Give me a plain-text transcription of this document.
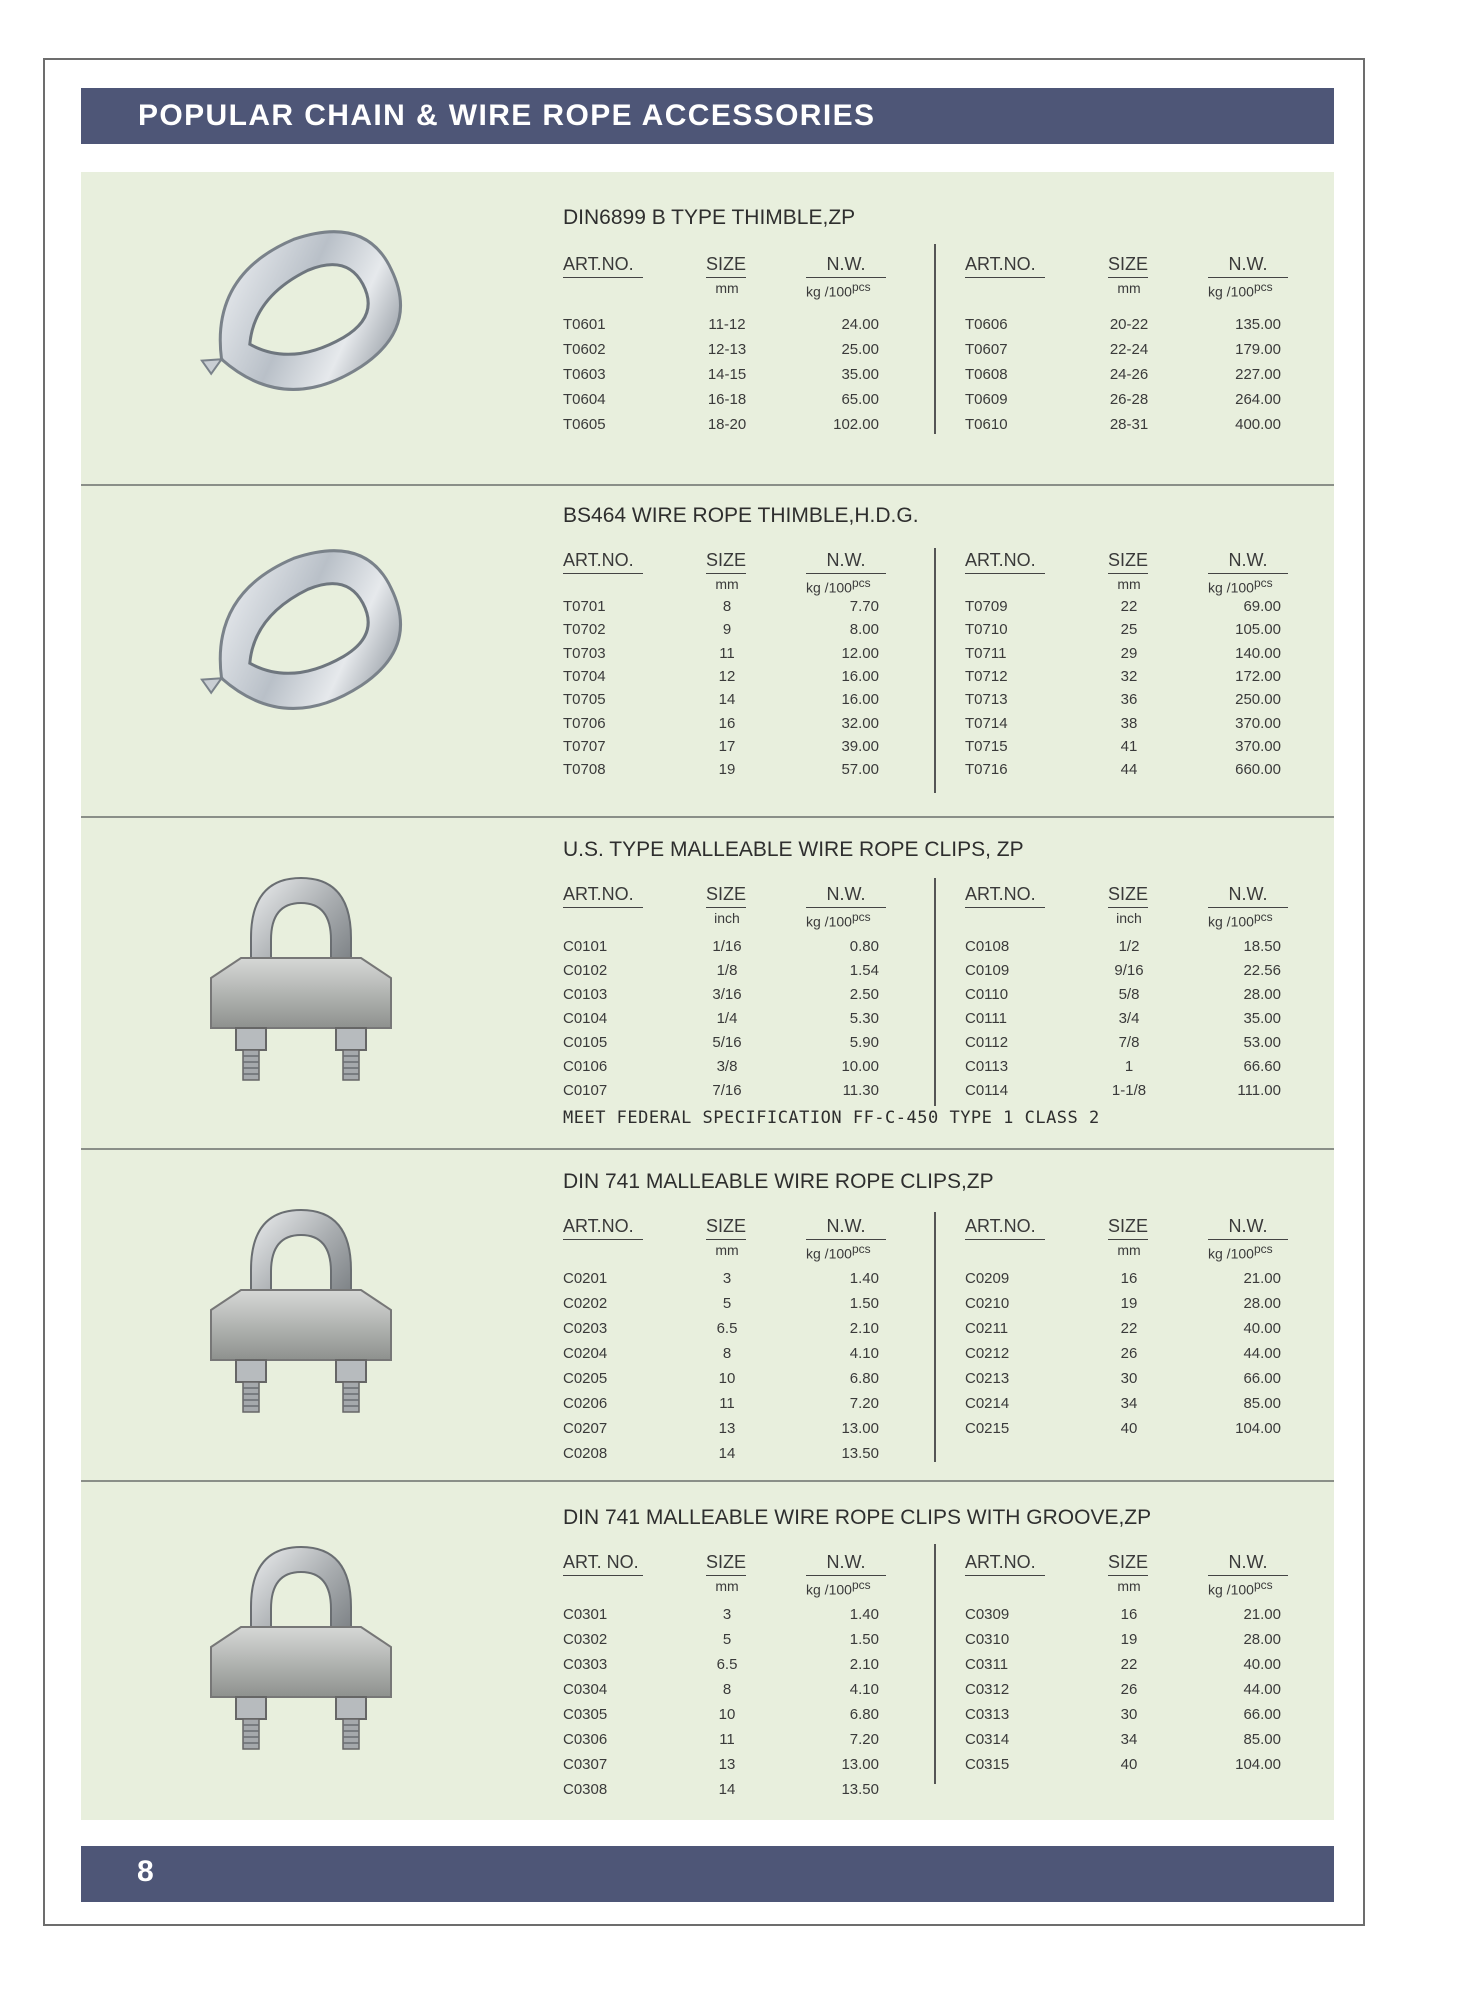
POPULAR CHAIN & WIRE ROPE ACCESSORIES
DIN6899 B TYPE THIMBLE,ZP
ART.NO.	SIZE	N.W.
mm	kg $/100^{pcs}$
T0601	11-12	24.00
T0602	12-13	25.00
T0603	14-15	35.00
T0604	16-18	65.00
T0605	18-20	102.00
ART.NO.	SIZE	N.W.
mm	kg $/100^{pcs}$
T0606	20-22	135.00
T0607	22-24	179.00
T0608	24-26	227.00
T0609	26-28	264.00
T0610	28-31	400.00
BS464 WIRE ROPE THIMBLE,H.D.G.
ART.NO.	SIZE	N.W.
mm	kg $/100^{pcs}$
T0701	8	7.70
T0702	9	8.00
T0703	11	12.00
T0704	12	16.00
T0705	14	16.00
T0706	16	32.00
T0707	17	39.00
T0708	19	57.00
ART.NO.	SIZE	N.W.
mm	kg $/100^{pcs}$
T0709	22	69.00
T0710	25	105.00
T0711	29	140.00
T0712	32	172.00
T0713	36	250.00
T0714	38	370.00
T0715	41	370.00
T0716	44	660.00
U.S. TYPE MALLEABLE WIRE ROPE CLIPS, ZP
ART.NO.	SIZE	N.W.
inch	kg $/100^{pcs}$
C0101	1/16	0.80
C0102	1/8	1.54
C0103	3/16	2.50
C0104	1/4	5.30
C0105	5/16	5.90
C0106	3/8	10.00
C0107	7/16	11.30
ART.NO.	SIZE	N.W.
inch	kg $/100^{pcs}$
C0108	1/2	18.50
C0109	9/16	22.56
C0110	5/8	28.00
C0111	3/4	35.00
C0112	7/8	53.00
C0113	1	66.60
C0114	1-1/8	111.00
MEET FEDERAL SPECIFICATION FF-C-450 TYPE 1 CLASS 2
DIN 741 MALLEABLE WIRE ROPE CLIPS,ZP
ART.NO.	SIZE	N.W.
mm	kg $/100^{pcs}$
C0201	3	1.40
C0202	5	1.50
C0203	6.5	2.10
C0204	8	4.10
C0205	10	6.80
C0206	11	7.20
C0207	13	13.00
C0208	14	13.50
ART.NO.	SIZE	N.W.
mm	kg $/100^{pcs}$
C0209	16	21.00
C0210	19	28.00
C0211	22	40.00
C0212	26	44.00
C0213	30	66.00
C0214	34	85.00
C0215	40	104.00
DIN 741 MALLEABLE WIRE ROPE CLIPS WITH GROOVE,ZP
ART. NO.	SIZE	N.W.
mm	kg $/100^{pcs}$
C0301	3	1.40
C0302	5	1.50
C0303	6.5	2.10
C0304	8	4.10
C0305	10	6.80
C0306	11	7.20
C0307	13	13.00
C0308	14	13.50
ART.NO.	SIZE	N.W.
mm	kg $/100^{pcs}$
C0309	16	21.00
C0310	19	28.00
C0311	22	40.00
C0312	26	44.00
C0313	30	66.00
C0314	34	85.00
C0315	40	104.00
8
